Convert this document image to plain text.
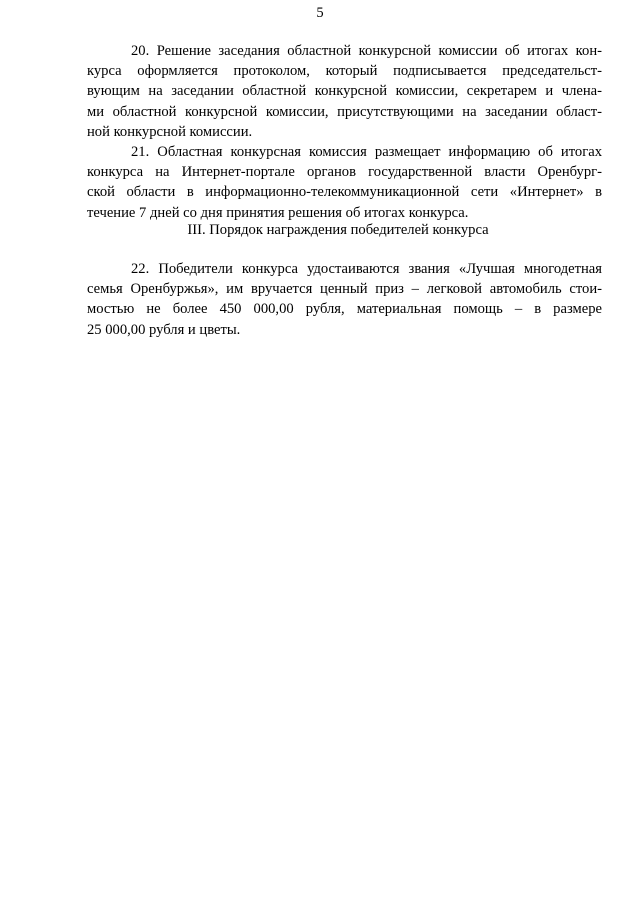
5
20. Решение заседания областной конкурсной комиссии об итогах кон-
курса оформляется протоколом, который подписывается председательст-
вующим на заседании областной конкурсной комиссии, секретарем и члена-
ми областной конкурсной комиссии, присутствующими на заседании област-
ной конкурсной комиссии.
21. Областная конкурсная комиссия размещает информацию об итогах
конкурса на Интернет-портале органов государственной власти Оренбург-
ской области в информационно-телекоммуникационной сети «Интернет» в
течение 7 дней со дня принятия решения об итогах конкурса.
III. Порядок награждения победителей конкурса
22. Победители конкурса удостаиваются звания «Лучшая многодетная
семья Оренбуржья», им вручается ценный приз – легковой автомобиль стои-
мостью не более 450 000,00 рубля, материальная помощь – в размере
25 000,00 рубля и цветы.
